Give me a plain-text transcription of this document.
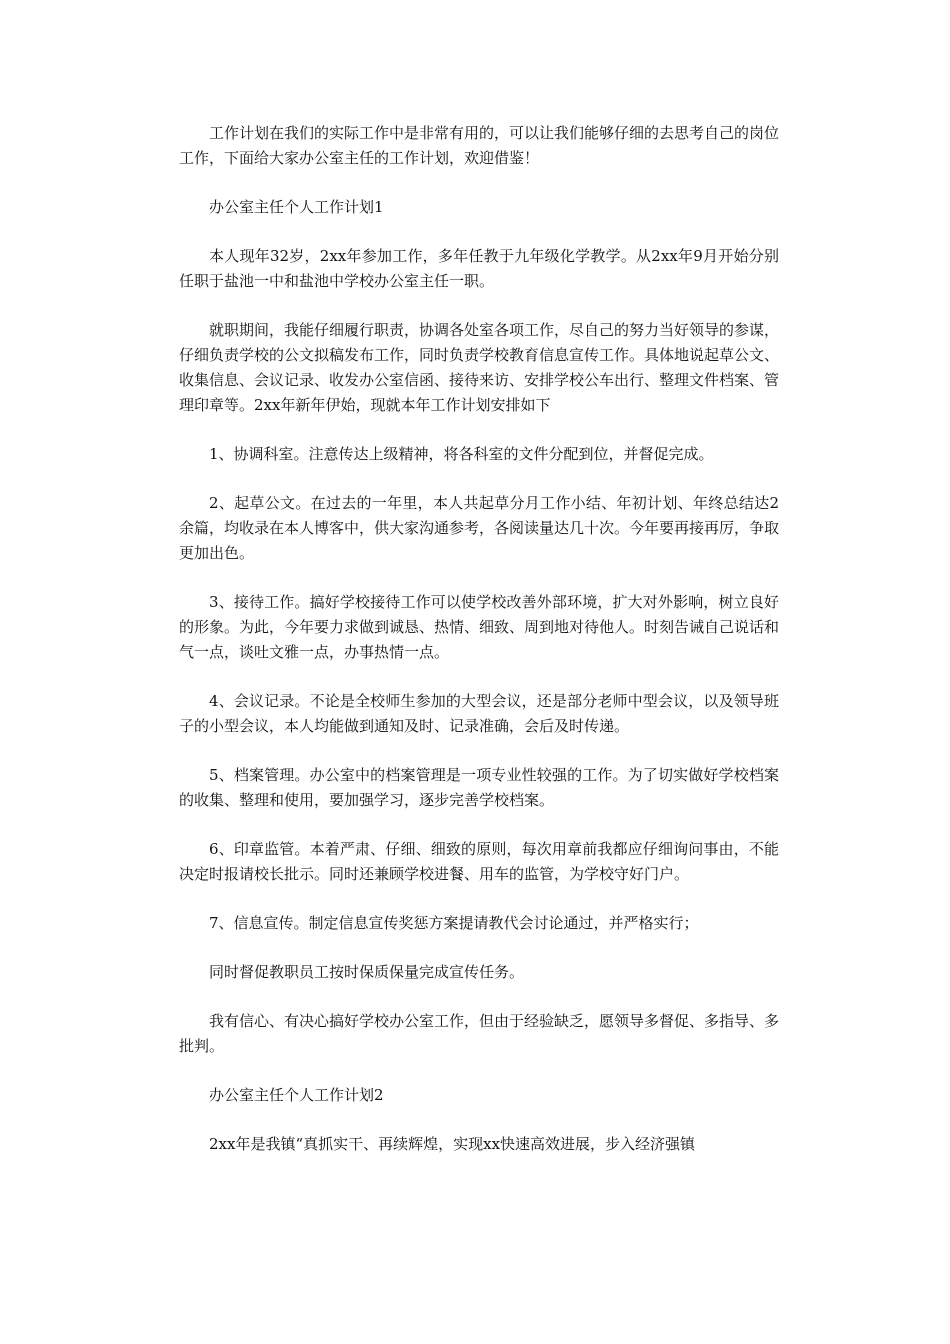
工作计划在我们的实际工作中是非常有用的，可以让我们能够仔细的去思考自己的岗位工作，下面给大家办公室主任的工作计划，欢迎借鉴！

办公室主任个人工作计划1

本人现年32岁，2xx年参加工作，多年任教于九年级化学教学。从2xx年9月开始分别任职于盐池一中和盐池中学校办公室主任一职。

就职期间，我能仔细履行职责，协调各处室各项工作，尽自己的努力当好领导的参谋，仔细负责学校的公文拟稿发布工作，同时负责学校教育信息宣传工作。具体地说起草公文、收集信息、会议记录、收发办公室信函、接待来访、安排学校公车出行、整理文件档案、管理印章等。2xx年新年伊始，现就本年工作计划安排如下

1、协调科室。注意传达上级精神，将各科室的文件分配到位，并督促完成。

2、起草公文。在过去的一年里，本人共起草分月工作小结、年初计划、年终总结达2余篇，均收录在本人博客中，供大家沟通参考，各阅读量达几十次。今年要再接再厉，争取更加出色。

3、接待工作。搞好学校接待工作可以使学校改善外部环境，扩大对外影响，树立良好的形象。为此，今年要力求做到诚恳、热情、细致、周到地对待他人。时刻告诫自己说话和气一点，谈吐文雅一点，办事热情一点。

4、会议记录。不论是全校师生参加的大型会议，还是部分老师中型会议，以及领导班子的小型会议，本人均能做到通知及时、记录准确，会后及时传递。

5、档案管理。办公室中的档案管理是一项专业性较强的工作。为了切实做好学校档案的收集、整理和使用，要加强学习，逐步完善学校档案。

6、印章监管。本着严肃、仔细、细致的原则，每次用章前我都应仔细询问事由，不能决定时报请校长批示。同时还兼顾学校进餐、用车的监管，为学校守好门户。

7、信息宣传。制定信息宣传奖惩方案提请教代会讨论通过，并严格实行；

同时督促教职员工按时保质保量完成宣传任务。

我有信心、有决心搞好学校办公室工作，但由于经验缺乏，愿领导多督促、多指导、多批判。

办公室主任个人工作计划2

2xx年是我镇“真抓实干、再续辉煌，实现xx快速高效进展，步入经济强镇
